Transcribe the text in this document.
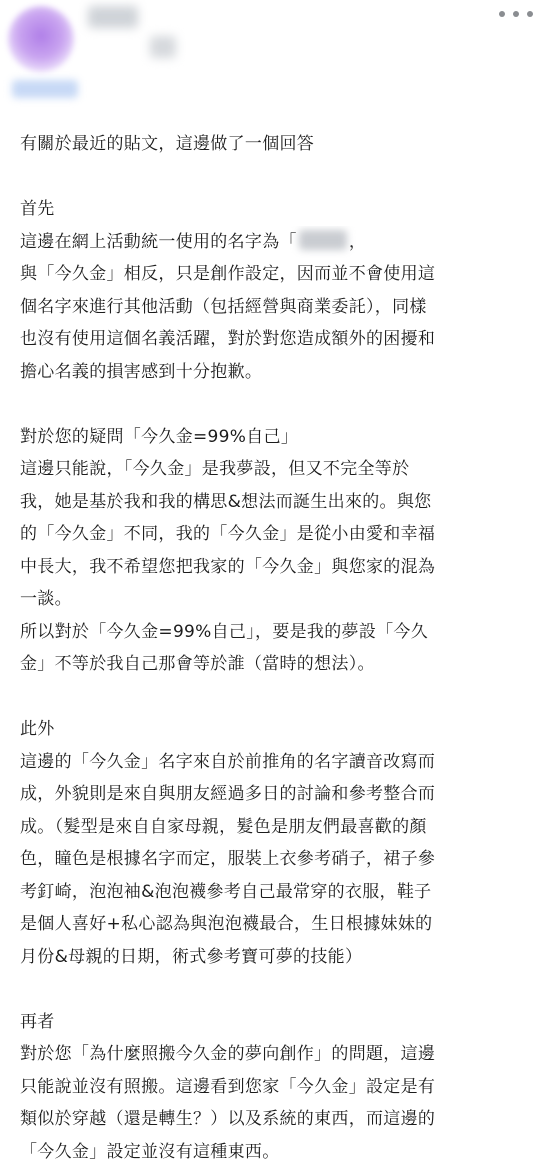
有關於最近的貼文，這邊做了一個回答
首先
這邊在網上活動統一使用的名字為「	，
與「今久金」相反，只是創作設定，因而並不會使用這
個名字來進行其他活動（包括經營與商業委託），同樣
也沒有使用這個名義活躍，對於對您造成額外的困擾和
擔心名義的損害感到十分抱歉。
對於您的疑問「今久金=99%自己」
這邊只能說，「今久金」是我夢設，但又不完全等於
我，她是基於我和我的構思&想法而誕生出來的。與您
的「今久金」不同，我的「今久金」是從小由愛和幸福
中長大，我不希望您把我家的「今久金」與您家的混為
一談。
所以對於「今久金=99%自己」，要是我的夢設「今久
金」不等於我自己那會等於誰（當時的想法）。
此外
這邊的「今久金」名字來自於前推角的名字讀音改寫而
成，外貌則是來自與朋友經過多日的討論和參考整合而
成。（髮型是來自自家母親，髮色是朋友們最喜歡的顏
色，瞳色是根據名字而定，服裝上衣參考硝子，裙子參
考釘崎，泡泡袖&泡泡襪參考自己最常穿的衣服，鞋子
是個人喜好+私心認為與泡泡襪最合，生日根據妹妹的
月份&母親的日期，術式參考寶可夢的技能）
再者
對於您「為什麼照搬今久金的夢向創作」的問題，這邊
只能說並沒有照搬。這邊看到您家「今久金」設定是有
類似於穿越（還是轉生？）以及系統的東西，而這邊的
「今久金」設定並沒有這種東西。
